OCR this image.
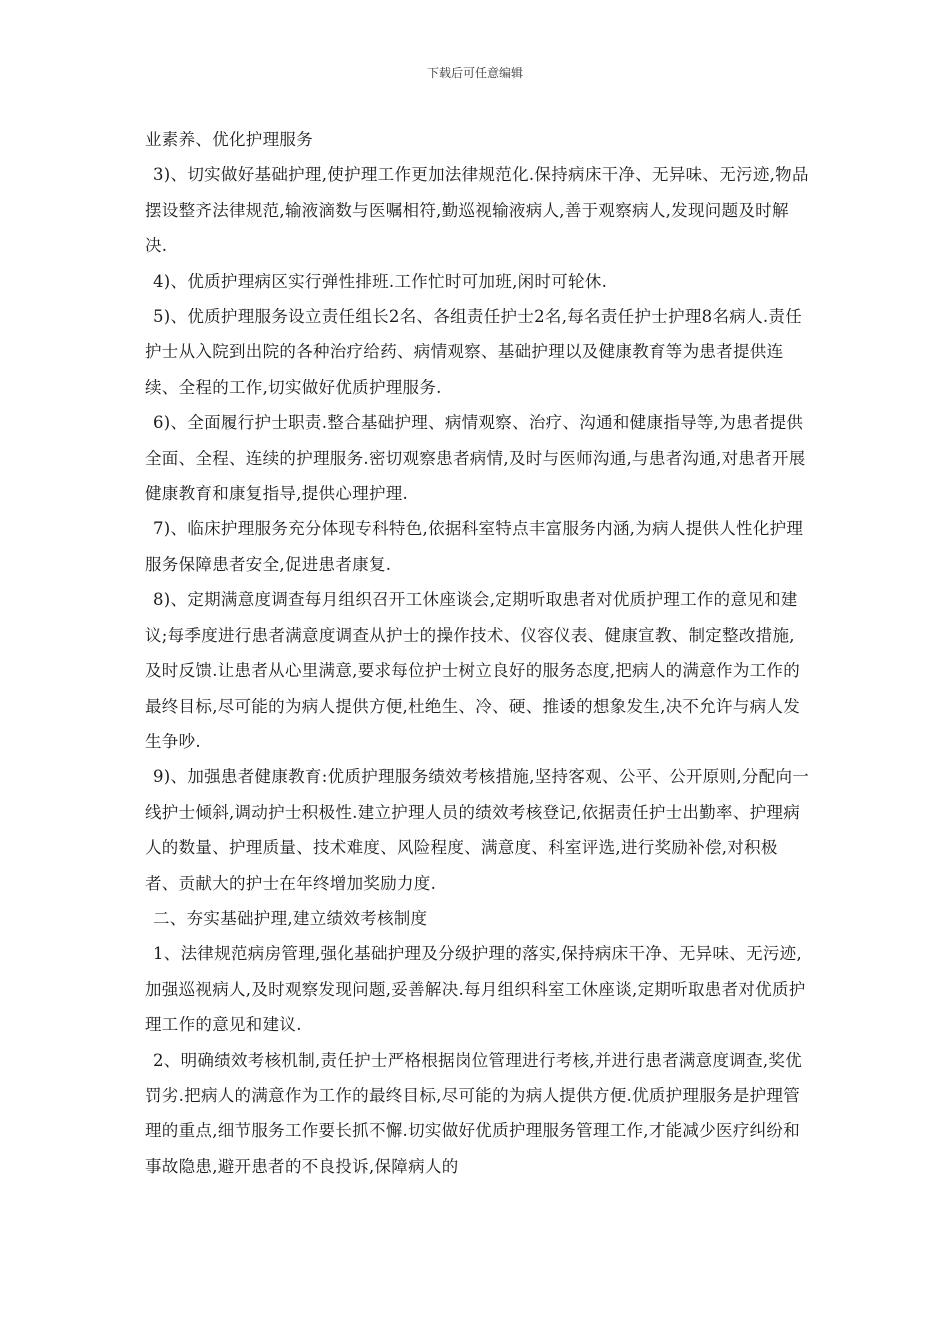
下载后可任意编辑

业素养、优化护理服务

3)、切实做好基础护理,使护理工作更加法律规范化.保持病床干净、无异味、无污迹,物品摆设整齐法律规范,输液滴数与医嘱相符,勤巡视输液病人,善于观察病人,发现问题及时解决.

4)、优质护理病区实行弹性排班.工作忙时可加班,闲时可轮休.

5)、优质护理服务设立责任组长2名、各组责任护士2名,每名责任护士护理8名病人.责任护士从入院到出院的各种治疗给药、病情观察、基础护理以及健康教育等为患者提供连续、全程的工作,切实做好优质护理服务.

6)、全面履行护士职责.整合基础护理、病情观察、治疗、沟通和健康指导等,为患者提供全面、全程、连续的护理服务.密切观察患者病情,及时与医师沟通,与患者沟通,对患者开展健康教育和康复指导,提供心理护理.

7)、临床护理服务充分体现专科特色,依据科室特点丰富服务内涵,为病人提供人性化护理服务保障患者安全,促进患者康复.

8)、定期满意度调查每月组织召开工休座谈会,定期听取患者对优质护理工作的意见和建议;每季度进行患者满意度调查从护士的操作技术、仪容仪表、健康宣教、制定整改措施,及时反馈.让患者从心里满意,要求每位护士树立良好的服务态度,把病人的满意作为工作的最终目标,尽可能的为病人提供方便,杜绝生、冷、硬、推诿的想象发生,决不允许与病人发生争吵.

9)、加强患者健康教育:优质护理服务绩效考核措施,坚持客观、公平、公开原则,分配向一线护士倾斜,调动护士积极性.建立护理人员的绩效考核登记,依据责任护士出勤率、护理病人的数量、护理质量、技术难度、风险程度、满意度、科室评选,进行奖励补偿,对积极者、贡献大的护士在年终增加奖励力度.

二、夯实基础护理,建立绩效考核制度

1、法律规范病房管理,强化基础护理及分级护理的落实,保持病床干净、无异味、无污迹,加强巡视病人,及时观察发现问题,妥善解决.每月组织科室工休座谈,定期听取患者对优质护理工作的意见和建议.

2、明确绩效考核机制,责任护士严格根据岗位管理进行考核,并进行患者满意度调查,奖优罚劣.把病人的满意作为工作的最终目标,尽可能的为病人提供方便.优质护理服务是护理管理的重点,细节服务工作要长抓不懈.切实做好优质护理服务管理工作,才能减少医疗纠纷和事故隐患,避开患者的不良投诉,保障病人的
